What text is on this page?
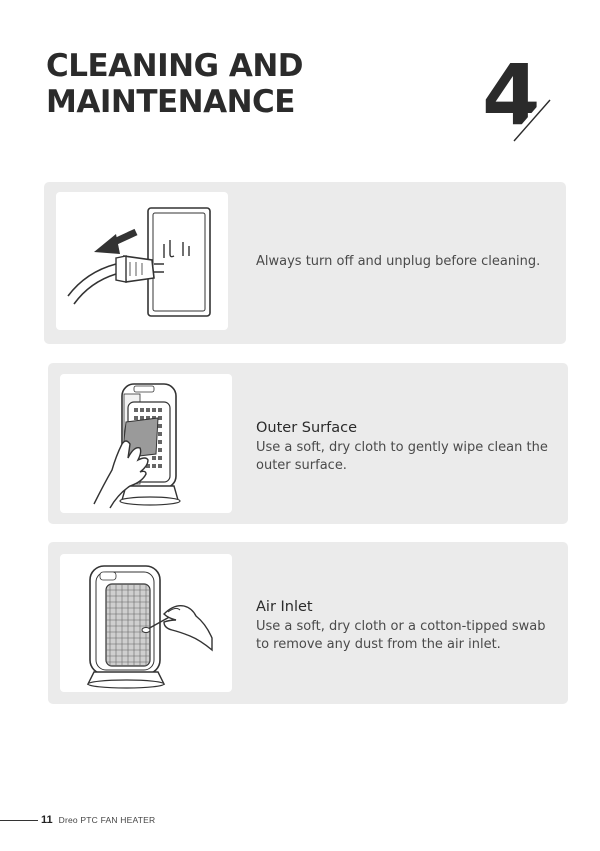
CLEANING AND
MAINTENANCE 4

Always turn off and unplug before cleaning.

Outer Surface

Use a soft, dry cloth to gently wipe clean the outer surface.

Air Inlet

Use a soft, dry cloth or a cotton-tipped swab to remove any dust from the air inlet.

11 Dreo PTC FAN HEATER
